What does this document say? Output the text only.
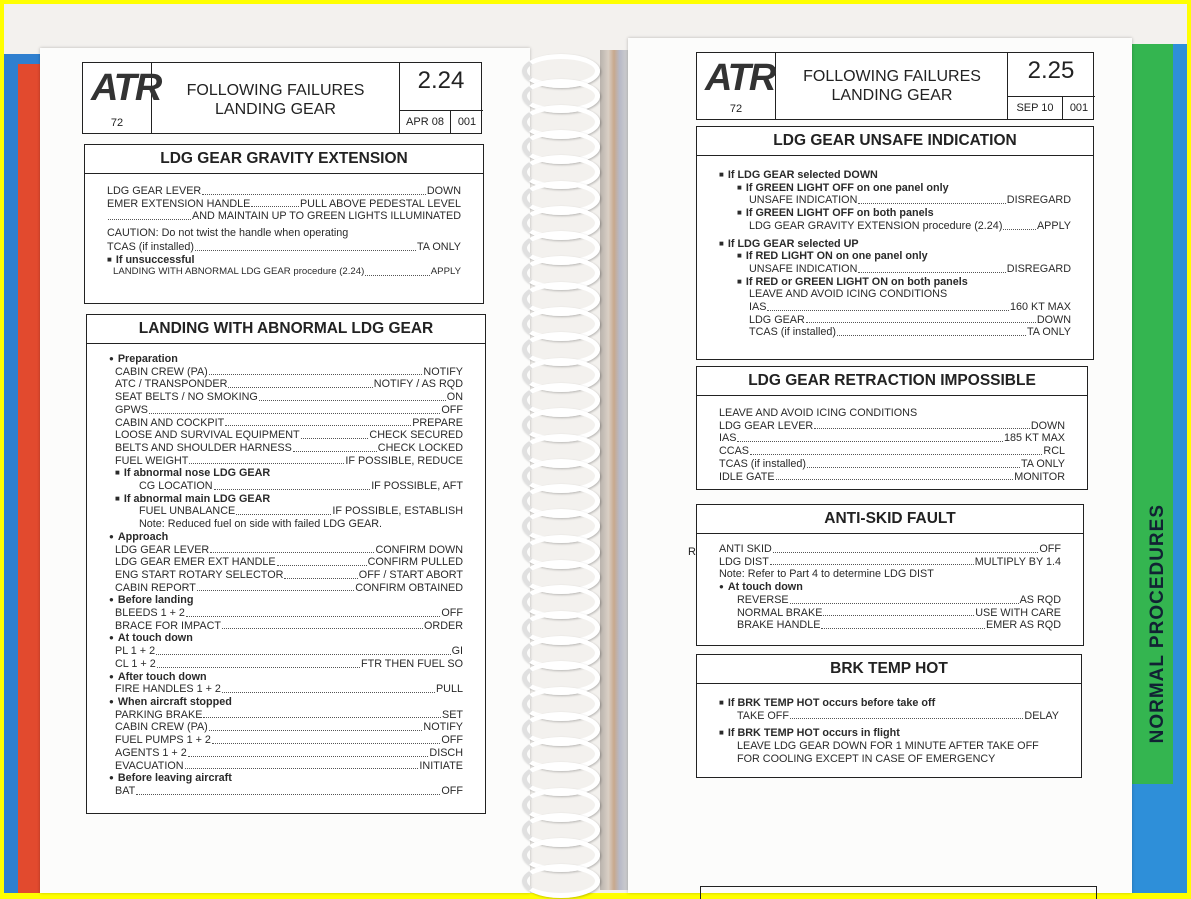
NORMAL PROCEDURES
ATR
72
FOLLOWING FAILURES
LANDING GEAR
2.24
APR 08	001
LDG GEAR GRAVITY EXTENSION
LDG GEAR LEVER	DOWN
EMER EXTENSION HANDLE	PULL ABOVE PEDESTAL LEVEL
AND MAINTAIN UP TO GREEN LIGHTS ILLUMINATED
CAUTION: Do not twist the handle when operating
TCAS (if installed)	TA ONLY
■ If unsuccessful
LANDING WITH ABNORMAL LDG GEAR procedure (2.24)	APPLY
LANDING WITH ABNORMAL LDG GEAR
● Preparation
CABIN CREW (PA)	NOTIFY
ATC / TRANSPONDER	NOTIFY / AS RQD
SEAT BELTS / NO SMOKING	ON
GPWS	OFF
CABIN AND COCKPIT	PREPARE
LOOSE AND SURVIVAL EQUIPMENT	CHECK SECURED
BELTS AND SHOULDER HARNESS	CHECK LOCKED
FUEL WEIGHT	IF POSSIBLE, REDUCE
■ If abnormal nose LDG GEAR
CG LOCATION	IF POSSIBLE, AFT
■ If abnormal main LDG GEAR
FUEL UNBALANCE	IF POSSIBLE, ESTABLISH
Note: Reduced fuel on side with failed LDG GEAR.
● Approach
LDG GEAR LEVER	CONFIRM DOWN
LDG GEAR EMER EXT HANDLE	CONFIRM PULLED
ENG START ROTARY SELECTOR	OFF / START ABORT
CABIN REPORT	CONFIRM OBTAINED
● Before landing
BLEEDS 1 + 2	OFF
BRACE FOR IMPACT	ORDER
● At touch down
PL 1 + 2	GI
CL 1 + 2	FTR THEN FUEL SO
● After touch down
FIRE HANDLES 1 + 2	PULL
● When aircraft stopped
PARKING BRAKE	SET
CABIN CREW (PA)	NOTIFY
FUEL PUMPS 1 + 2	OFF
AGENTS 1 + 2	DISCH
EVACUATION	INITIATE
● Before leaving aircraft
BAT	OFF
ATR
72
FOLLOWING FAILURES
LANDING GEAR
2.25
SEP 10	001
LDG GEAR UNSAFE INDICATION
■ If LDG GEAR selected DOWN
■ If GREEN LIGHT OFF on one panel only
UNSAFE INDICATION	DISREGARD
■ If GREEN LIGHT OFF on both panels
LDG GEAR GRAVITY EXTENSION procedure (2.24)	APPLY
■ If LDG GEAR selected UP
■ If RED LIGHT ON on one panel only
UNSAFE INDICATION	DISREGARD
■ If RED or GREEN LIGHT ON on both panels
LEAVE AND AVOID ICING CONDITIONS
IAS	160 KT MAX
LDG GEAR	DOWN
TCAS (if installed)	TA ONLY
LDG GEAR RETRACTION IMPOSSIBLE
LEAVE AND AVOID ICING CONDITIONS
LDG GEAR LEVER	DOWN
IAS	185 KT MAX
CCAS	RCL
TCAS (if installed)	TA ONLY
IDLE GATE	MONITOR
ANTI-SKID FAULT
ANTI SKID	OFF
LDG DIST	MULTIPLY BY 1.4
Note: Refer to Part 4 to determine LDG DIST
● At touch down
REVERSE	AS RQD
NORMAL BRAKE	USE WITH CARE
BRAKE HANDLE	EMER AS RQD
BRK TEMP HOT
■ If BRK TEMP HOT occurs before take off
TAKE OFF	DELAY
■ If BRK TEMP HOT occurs in flight
LEAVE LDG GEAR DOWN FOR 1 MINUTE AFTER TAKE OFF
FOR COOLING EXCEPT IN CASE OF EMERGENCY
R
